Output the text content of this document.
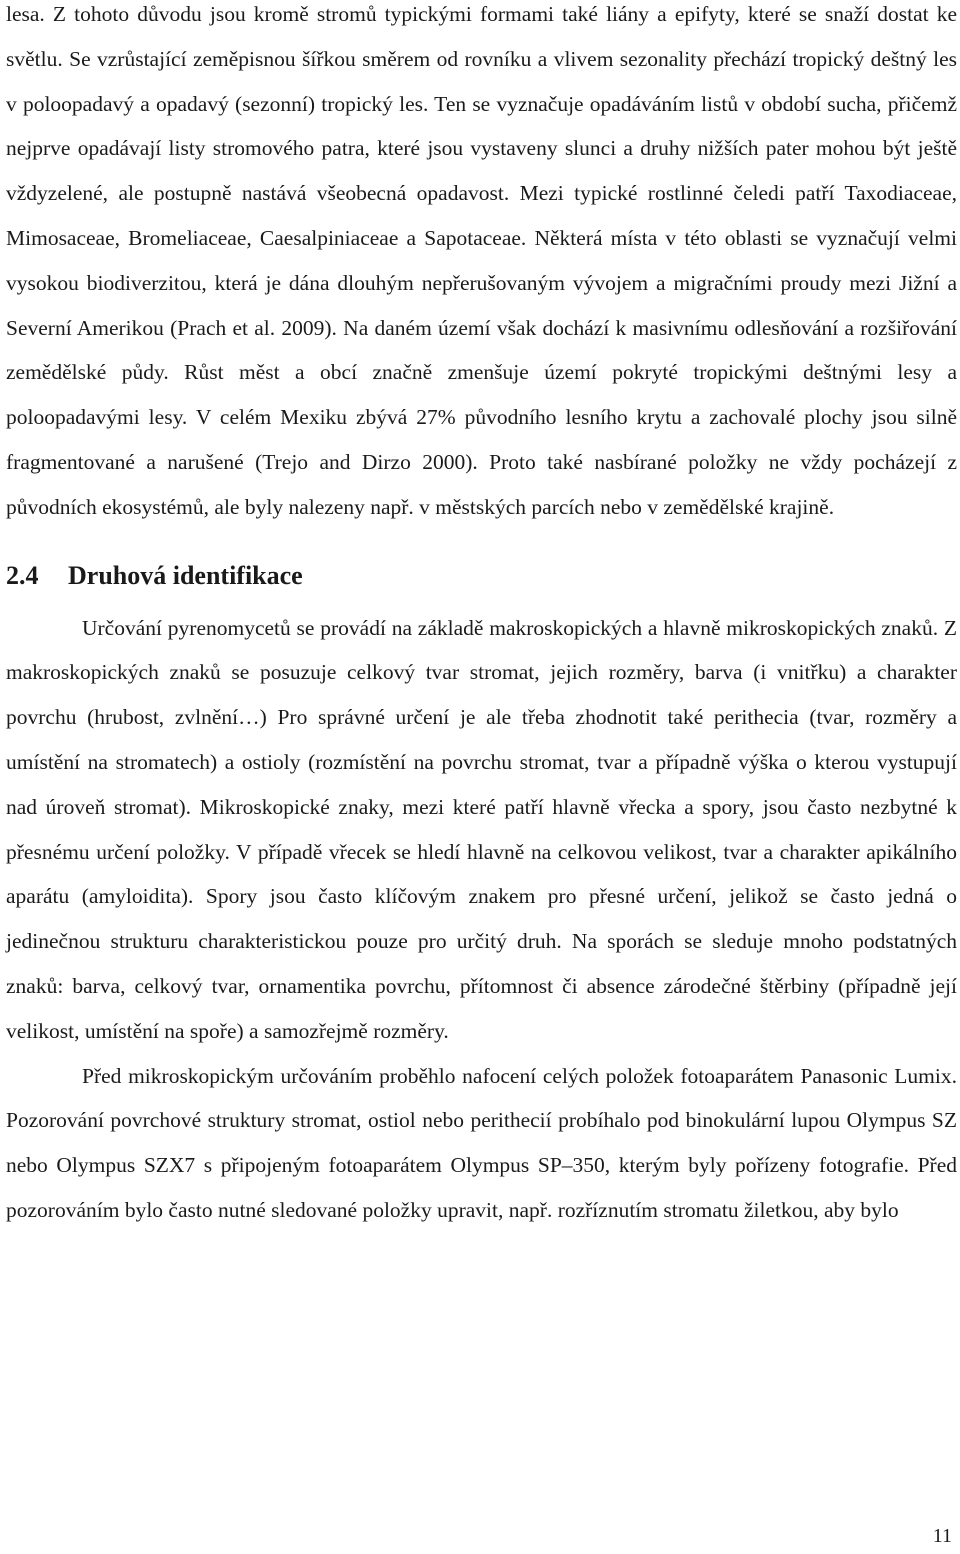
lesa. Z tohoto důvodu jsou kromě stromů typickými formami také liány a epifyty, které se snaží dostat ke světlu. Se vzrůstající zeměpisnou šířkou směrem od rovníku a vlivem sezonality přechází tropický deštný les v poloopadavý a opadavý (sezonní) tropický les. Ten se vyznačuje opadáváním listů v období sucha, přičemž nejprve opadávají listy stromového patra, které jsou vystaveny slunci a druhy nižších pater mohou být ještě vždyzelené, ale postupně nastává všeobecná opadavost. Mezi typické rostlinné čeledi patří Taxodiaceae, Mimosaceae, Bromeliaceae, Caesalpiniaceae a Sapotaceae. Některá místa v této oblasti se vyznačují velmi vysokou biodiverzitou, která je dána dlouhým nepřerušovaným vývojem a migračními proudy mezi Jižní a Severní Amerikou (Prach et al. 2009). Na daném území však dochází k masivnímu odlesňování a rozšiřování zemědělské půdy. Růst měst a obcí značně zmenšuje území pokryté tropickými deštnými lesy a poloopadavými lesy. V celém Mexiku zbývá 27% původního lesního krytu a zachovalé plochy jsou silně fragmentované a narušené (Trejo and Dirzo 2000). Proto také nasbírané položky ne vždy pocházejí z původních ekosystémů, ale byly nalezeny např. v městských parcích nebo v zemědělské krajině.

2.4	Druhová identifikace

Určování pyrenomycetů se provádí na základě makroskopických a hlavně mikroskopických znaků. Z makroskopických znaků se posuzuje celkový tvar stromat, jejich rozměry, barva (i vnitřku) a charakter povrchu (hrubost, zvlnění…) Pro správné určení je ale třeba zhodnotit také perithecia (tvar, rozměry a umístění na stromatech) a ostioly (rozmístění na povrchu stromat, tvar a případně výška o kterou vystupují nad úroveň stromat). Mikroskopické znaky, mezi které patří hlavně vřecka a spory, jsou často nezbytné k přesnému určení položky. V případě vřecek se hledí hlavně na celkovou velikost, tvar a charakter apikálního aparátu (amyloidita). Spory jsou často klíčovým znakem pro přesné určení, jelikož se často jedná o jedinečnou strukturu charakteristickou pouze pro určitý druh. Na sporách se sleduje mnoho podstatných znaků: barva, celkový tvar, ornamentika povrchu, přítomnost či absence zárodečné štěrbiny (případně její velikost, umístění na spoře) a samozřejmě rozměry.

Před mikroskopickým určováním proběhlo nafocení celých položek fotoaparátem Panasonic Lumix. Pozorování povrchové struktury stromat, ostiol nebo perithecií probíhalo pod binokulární lupou Olympus SZ nebo Olympus SZX7 s připojeným fotoaparátem Olympus SP–350, kterým byly pořízeny fotografie. Před pozorováním bylo často nutné sledované položky upravit, např. rozříznutím stromatu žiletkou, aby bylo

11
